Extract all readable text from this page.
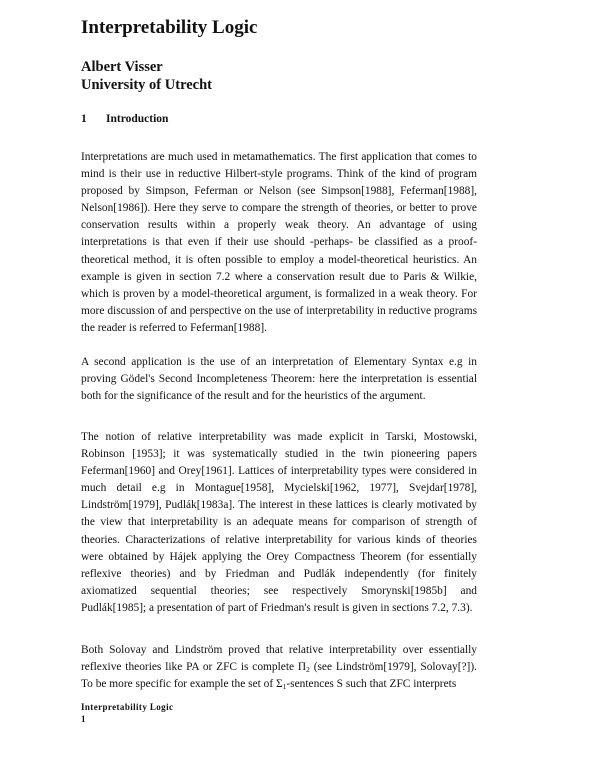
Interpretability Logic
Albert Visser
University of Utrecht
1 Introduction

Interpretations are much used in metamathematics. The first application that comes to mind is their use in reductive Hilbert-style programs. Think of the kind of program proposed by Simpson, Feferman or Nelson (see Simpson[1988], Feferman[1988], Nelson[1986]). Here they serve to compare the strength of theories, or better to prove conservation results within a properly weak theory. An advantage of using interpretations is that even if their use should -perhaps- be classified as a proof-theoretical method, it is often possible to employ a model-theoretical heuristics. An example is given in section 7.2 where a conservation result due to Paris & Wilkie, which is proven by a model-theoretical argument, is formalized in a weak theory. For more discussion of and perspective on the use of interpretability in reductive programs the reader is referred to Feferman[1988].

A second application is the use of an interpretation of Elementary Syntax e.g in proving Gödel's Second Incompleteness Theorem: here the interpretation is essential both for the significance of the result and for the heuristics of the argument.

The notion of relative interpretability was made explicit in Tarski, Mostowski, Robinson [1953]; it was systematically studied in the twin pioneering papers Feferman[1960] and Orey[1961]. Lattices of interpretability types were considered in much detail e.g in Montague[1958], Mycielski[1962, 1977], Svejdar[1978], Lindström[1979], Pudlák[1983a]. The interest in these lattices is clearly motivated by the view that interpretability is an adequate means for comparison of strength of theories. Characterizations of relative interpretability for various kinds of theories were obtained by Hájek applying the Orey Compactness Theorem (for essentially reflexive theories) and by Friedman and Pudlák independently (for finitely axiomatized sequential theories; see respectively Smorynski[1985b] and Pudlák[1985]; a presentation of part of Friedman's result is given in sections 7.2, 7.3).

Both Solovay and Lindström proved that relative interpretability over essentially reflexive theories like PA or ZFC is complete $\Pi_2$ (see Lindström[1979], Solovay[?]). To be more specific for example the set of $\Sigma_1$-sentences S such that ZFC interprets

Interpretability Logic
1
